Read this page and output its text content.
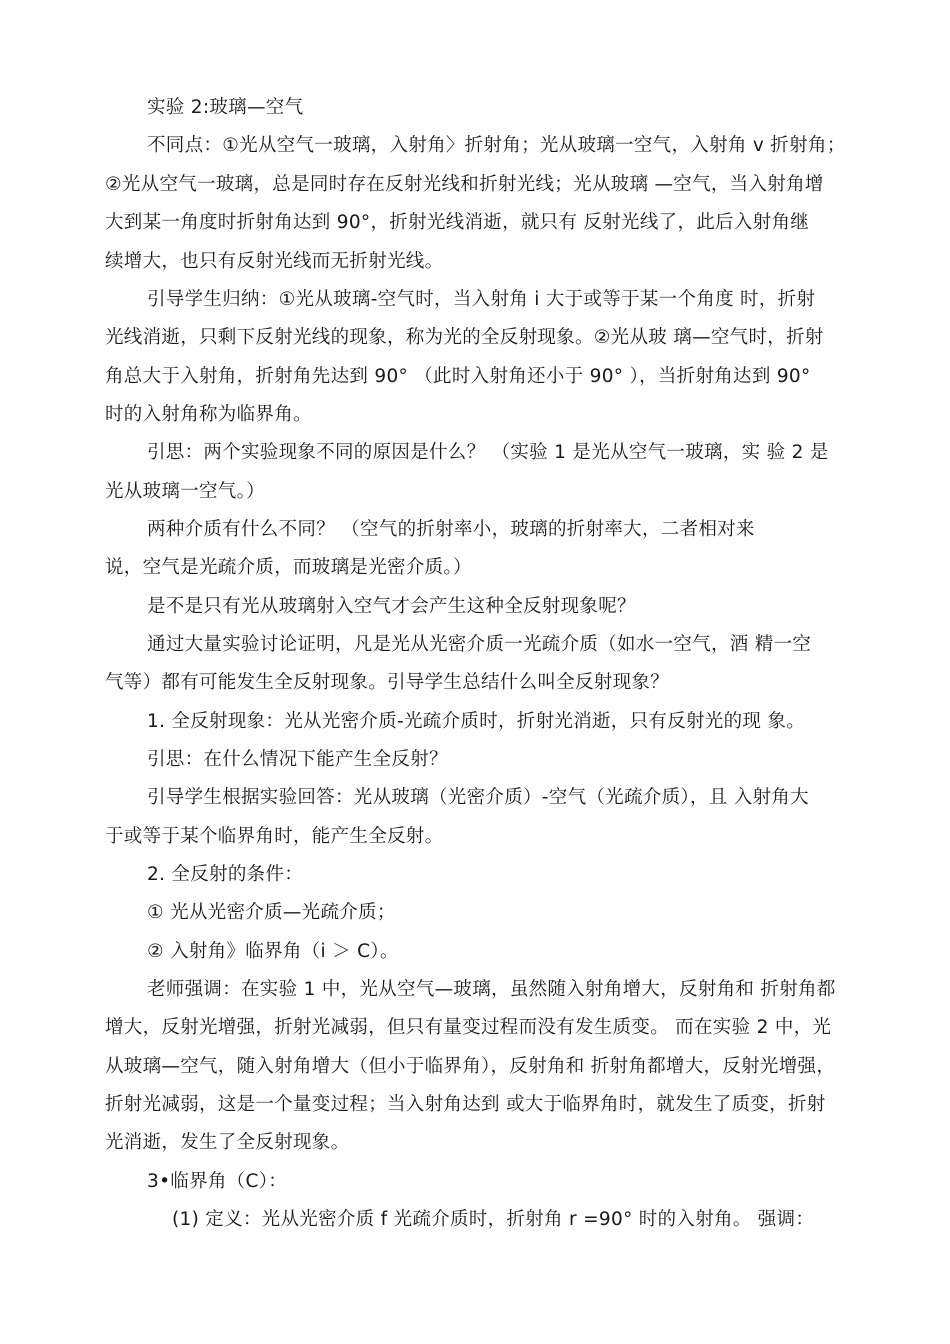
实验 2:玻璃—空气
不同点：①光从空气一玻璃，入射角〉折射角；光从玻璃一空气，入射角 v 折射角；
②光从空气一玻璃，总是同时存在反射光线和折射光线；光从玻璃 —空气，当入射角增
大到某一角度时折射角达到 90°，折射光线消逝，就只有 反射光线了，此后入射角继
续增大，也只有反射光线而无折射光线。
引导学生归纳：①光从玻璃-空气时，当入射角 i 大于或等于某一个角度 时，折射
光线消逝，只剩下反射光线的现象，称为光的全反射现象。②光从玻 璃—空气时，折射
角总大于入射角，折射角先达到 90° （此时入射角还小于 90° ），当折射角达到 90°
时的入射角称为临界角。
引思：两个实验现象不同的原因是什么？ （实验 1 是光从空气一玻璃，实 验 2 是
光从玻璃一空气。）
两种介质有什么不同？ （空气的折射率小，玻璃的折射率大，二者相对来
说，空气是光疏介质，而玻璃是光密介质。）
是不是只有光从玻璃射入空气才会产生这种全反射现象呢？
通过大量实验讨论证明，凡是光从光密介质一光疏介质（如水一空气，酒 精一空
气等）都有可能发生全反射现象。引导学生总结什么叫全反射现象？
1. 全反射现象：光从光密介质-光疏介质时，折射光消逝，只有反射光的现 象。
引思：在什么情况下能产生全反射？
引导学生根据实验回答：光从玻璃（光密介质）-空气（光疏介质），且 入射角大
于或等于某个临界角时，能产生全反射。
2. 全反射的条件：
① 光从光密介质—光疏介质；
② 入射角》临界角（i ＞ C）。
老师强调：在实验 1 中，光从空气—玻璃，虽然随入射角增大，反射角和 折射角都
增大，反射光增强，折射光减弱，但只有量变过程而没有发生质变。 而在实验 2 中，光
从玻璃—空气，随入射角增大（但小于临界角），反射角和 折射角都增大，反射光增强，
折射光减弱，这是一个量变过程；当入射角达到 或大于临界角时，就发生了质变，折射
光消逝，发生了全反射现象。
3•临界角（C）：
(1) 定义：光从光密介质 f 光疏介质时，折射角 r =90° 时的入射角。 强调：
